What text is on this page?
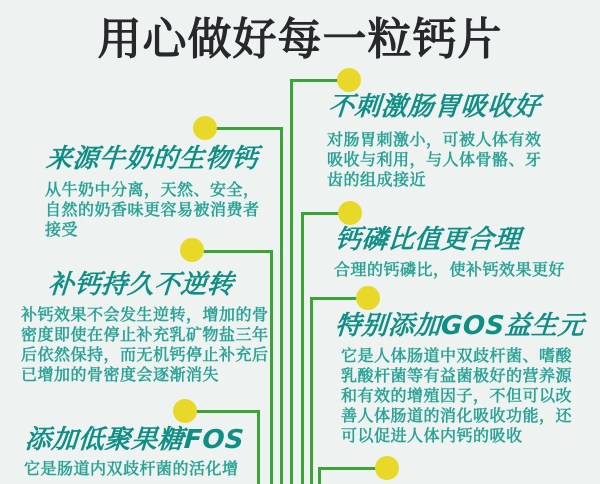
用心做好每一粒钙片
来源牛奶的生物钙
从牛奶中分离，天然、安全，自然的奶香味更容易被消费者接受
补钙持久不逆转
补钙效果不会发生逆转，增加的骨密度即使在停止补充乳矿物盐三年后依然保持，而无机钙停止补充后已增加的骨密度会逐渐消失
添加低聚果糖FOS
它是肠道内双歧杆菌的活化增
不刺激肠胃吸收好
对肠胃刺激小，可被人体有效吸收与利用，与人体骨骼、牙齿的组成接近
钙磷比值更合理
合理的钙磷比，使补钙效果更好
特别添加GOS益生元
它是人体肠道中双歧杆菌、嗜酸乳酸杆菌等有益菌极好的营养源和有效的增殖因子，不但可以改善人体肠道的消化吸收功能，还可以促进人体内钙的吸收
